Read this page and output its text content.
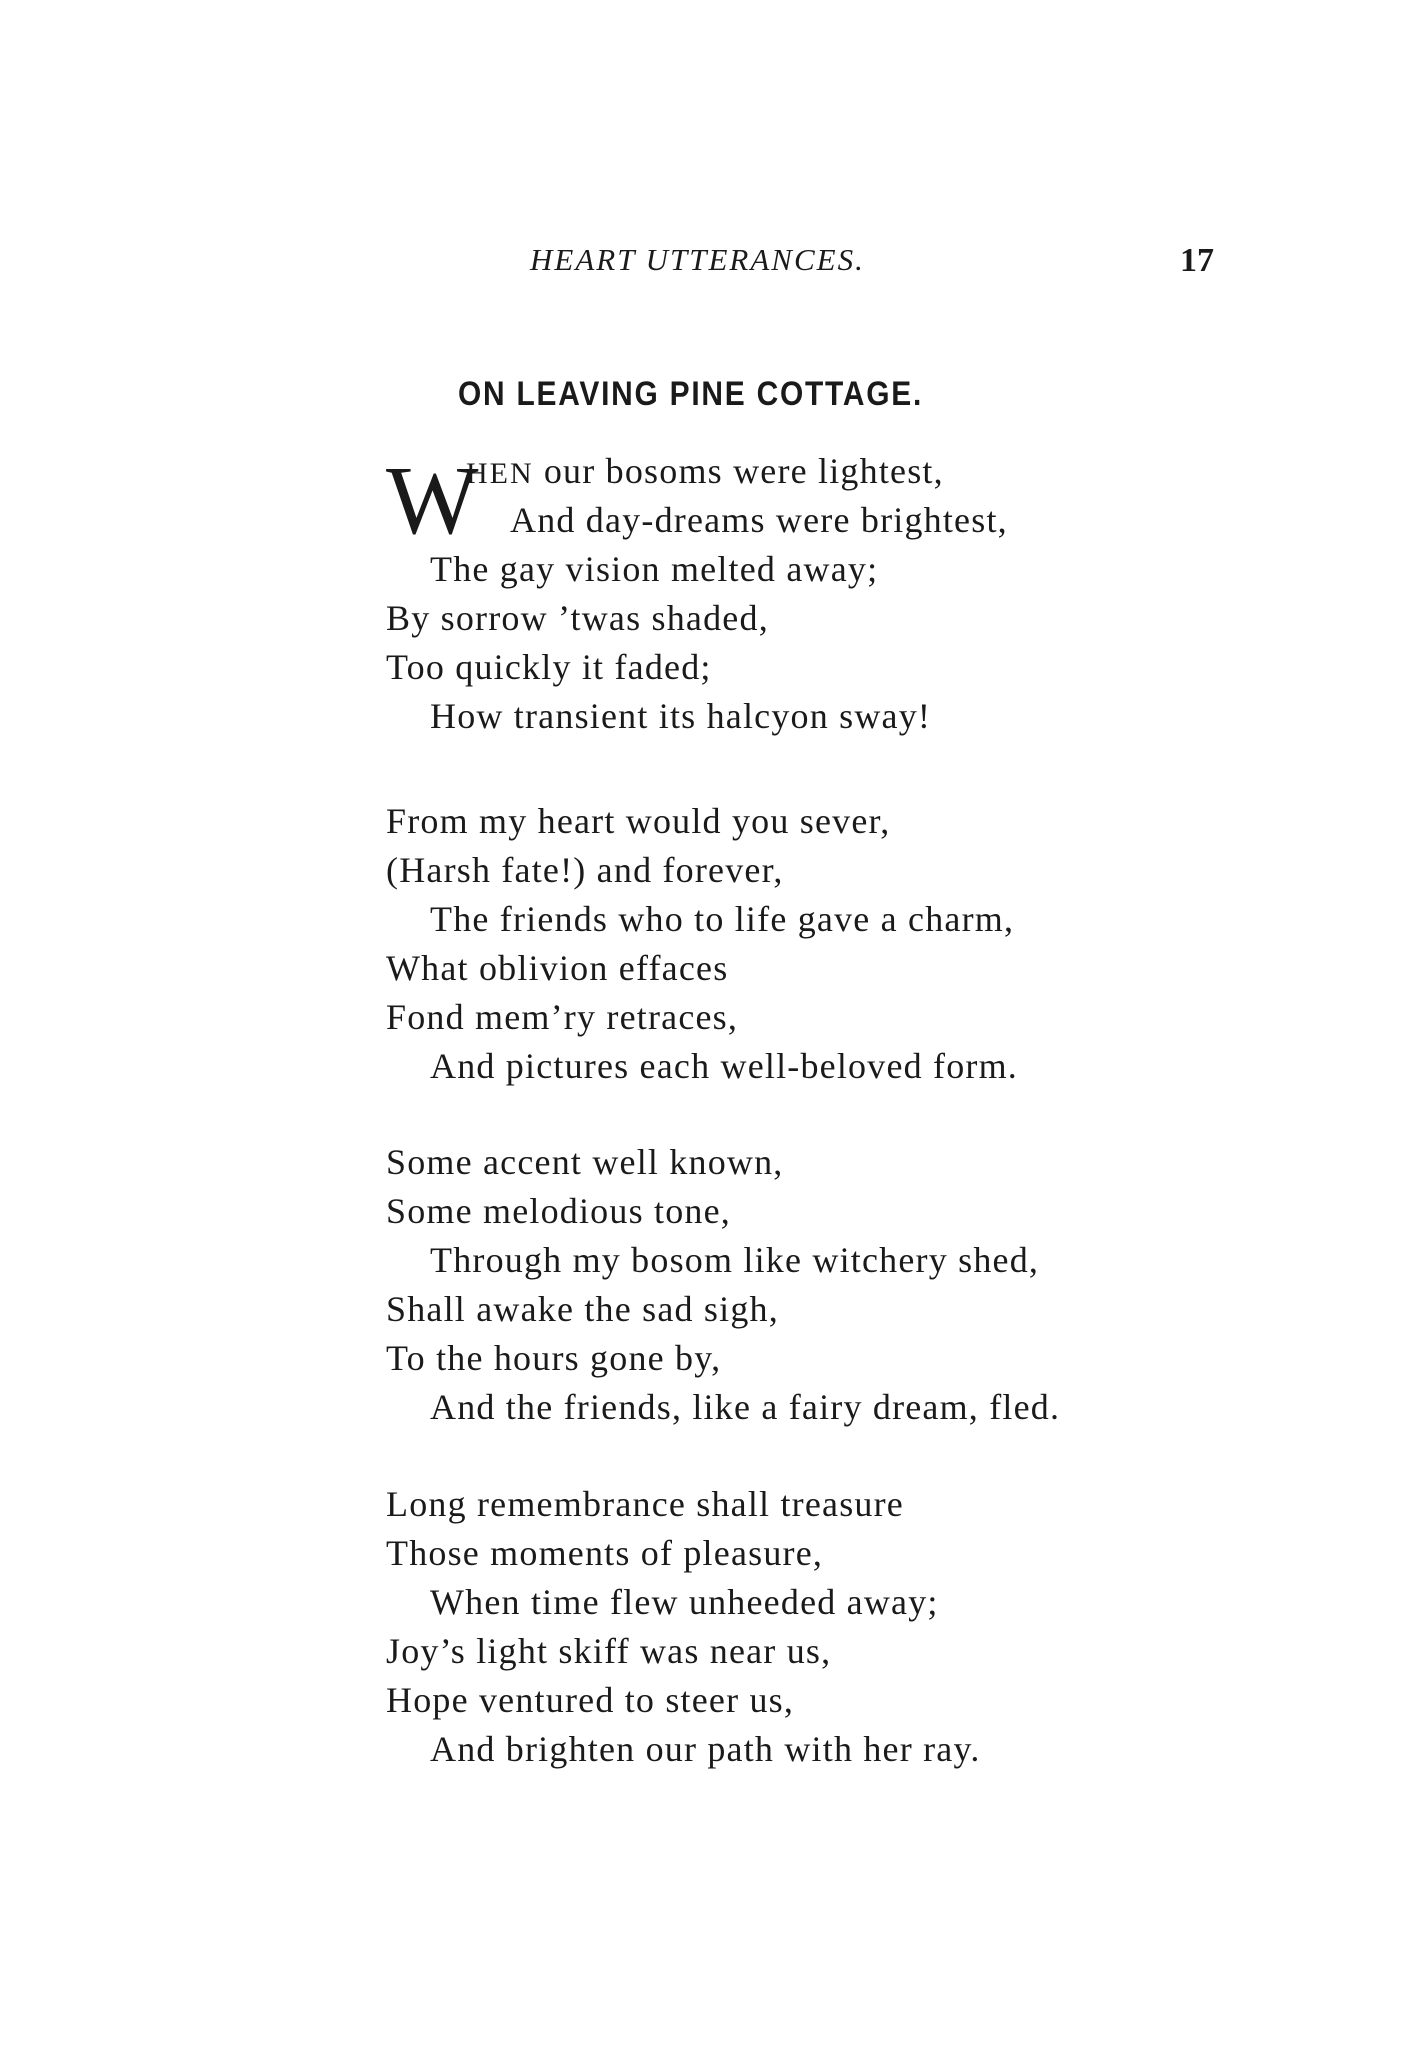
HEART UTTERANCES.	17
ON LEAVING PINE COTTAGE.
W
HEN our bosoms were lightest,
And day-dreams were brightest,
The gay vision melted away;
By sorrow ’twas shaded,
Too quickly it faded;
How transient its halcyon sway!
From my heart would you sever,
(Harsh fate!) and forever,
The friends who to life gave a charm,
What oblivion effaces
Fond mem’ry retraces,
And pictures each well-beloved form.
Some accent well known,
Some melodious tone,
Through my bosom like witchery shed,
Shall awake the sad sigh,
To the hours gone by,
And the friends, like a fairy dream, fled.
Long remembrance shall treasure
Those moments of pleasure,
When time flew unheeded away;
Joy’s light skiff was near us,
Hope ventured to steer us,
And brighten our path with her ray.
